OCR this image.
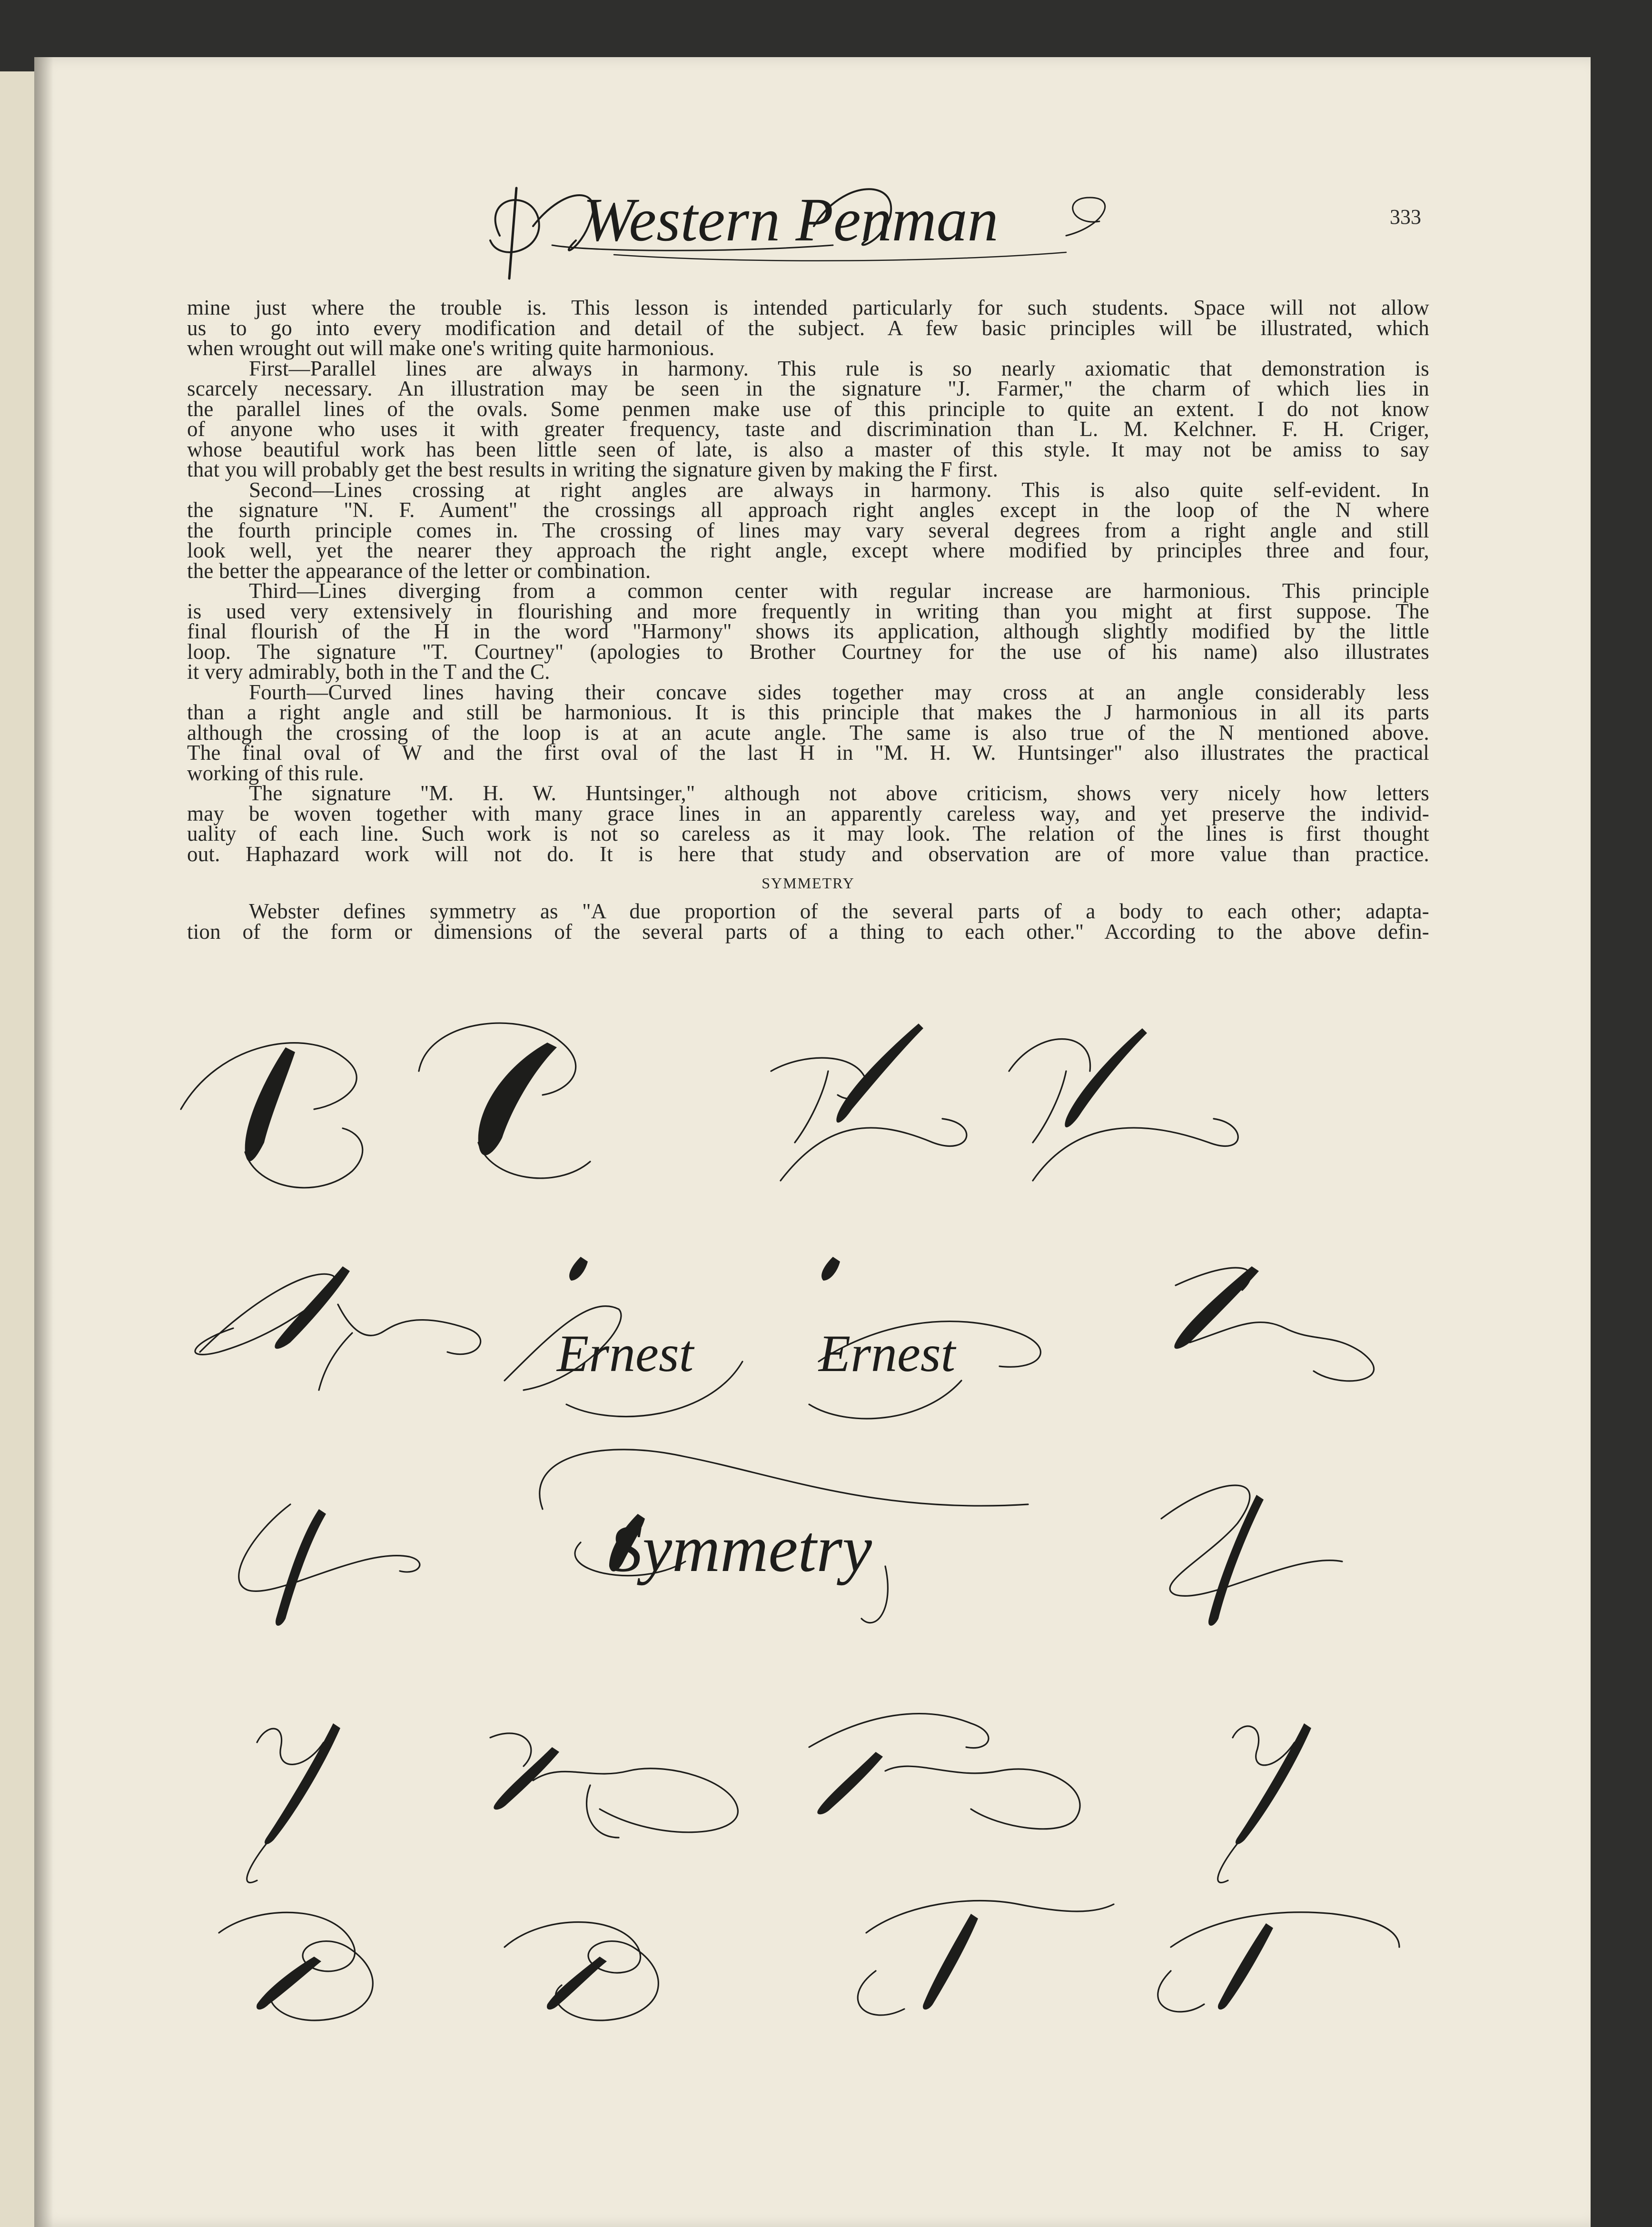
Western Penman	333
mine just where the trouble is. This lesson is intended particularly for such students. Space will not allow
us to go into every modification and detail of the subject. A few basic principles will be illustrated, which
when wrought out will make one's writing quite harmonious.
First—Parallel lines are always in harmony. This rule is so nearly axiomatic that demonstration is
scarcely necessary. An illustration may be seen in the signature "J. Farmer," the charm of which lies in
the parallel lines of the ovals. Some penmen make use of this principle to quite an extent. I do not know
of anyone who uses it with greater frequency, taste and discrimination than L. M. Kelchner. F. H. Criger,
whose beautiful work has been little seen of late, is also a master of this style. It may not be amiss to say
that you will probably get the best results in writing the signature given by making the F first.
Second—Lines crossing at right angles are always in harmony. This is also quite self-evident. In
the signature "N. F. Aument" the crossings all approach right angles except in the loop of the N where
the fourth principle comes in. The crossing of lines may vary several degrees from a right angle and still
look well, yet the nearer they approach the right angle, except where modified by principles three and four,
the better the appearance of the letter or combination.
Third—Lines diverging from a common center with regular increase are harmonious. This principle
is used very extensively in flourishing and more frequently in writing than you might at first suppose. The
final flourish of the H in the word "Harmony" shows its application, although slightly modified by the little
loop. The signature "T. Courtney" (apologies to Brother Courtney for the use of his name) also illustrates
it very admirably, both in the T and the C.
Fourth—Curved lines having their concave sides together may cross at an angle considerably less
than a right angle and still be harmonious. It is this principle that makes the J harmonious in all its parts
although the crossing of the loop is at an acute angle. The same is also true of the N mentioned above.
The final oval of W and the first oval of the last H in "M. H. W. Huntsinger" also illustrates the practical
working of this rule.
The signature "M. H. W. Huntsinger," although not above criticism, shows very nicely how letters
may be woven together with many grace lines in an apparently careless way, and yet preserve the individ-
uality of each line. Such work is not so careless as it may look. The relation of the lines is first thought
out. Haphazard work will not do. It is here that study and observation are of more value than practice.
SYMMETRY
Webster defines symmetry as "A due proportion of the several parts of a body to each other; adapta-
tion of the form or dimensions of the several parts of a thing to each other." According to the above defin-
Ernest Ernest
Symmetry
